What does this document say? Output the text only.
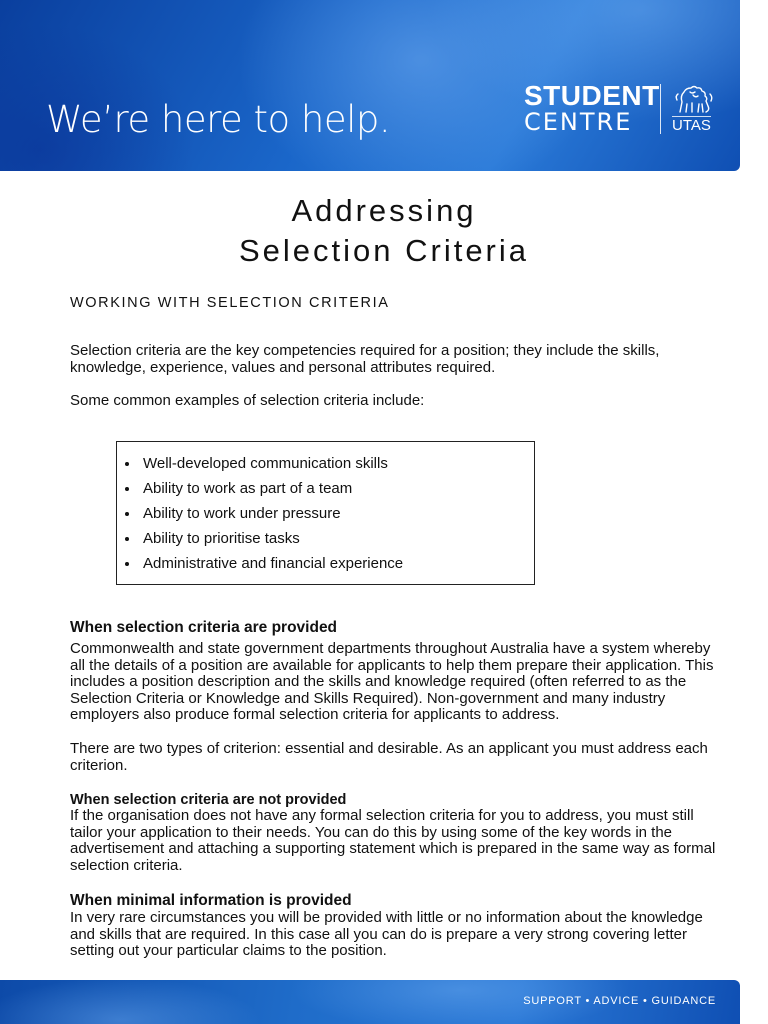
We’re here to help.
STUDENT
CENTRE	UTAS

Addressing

Selection Criteria

WORKING WITH SELECTION CRITERIA

Selection criteria are the key competencies required for a position; they include the skills, knowledge, experience, values and personal attributes required.

Some common examples of selection criteria include:

Well-developed communication skills
Ability to work as part of a team
Ability to work under pressure
Ability to prioritise tasks
Administrative and financial experience
When selection criteria are provided

Commonwealth and state government departments throughout Australia have a system whereby all the details of a position are available for applicants to help them prepare their application. This includes a position description and the skills and knowledge required (often referred to as the Selection Criteria or Knowledge and Skills Required). Non-government and many industry employers also produce formal selection criteria for applicants to address.

There are two types of criterion: essential and desirable. As an applicant you must address each criterion.

When selection criteria are not provided

If the organisation does not have any formal selection criteria for you to address, you must still tailor your application to their needs. You can do this by using some of the key words in the advertisement and attaching a supporting statement which is prepared in the same way as formal selection criteria.

When minimal information is provided

In very rare circumstances you will be provided with little or no information about the knowledge and skills that are required. In this case all you can do is prepare a very strong covering letter setting out your particular claims to the position.

SUPPORT • ADVICE • GUIDANCE
